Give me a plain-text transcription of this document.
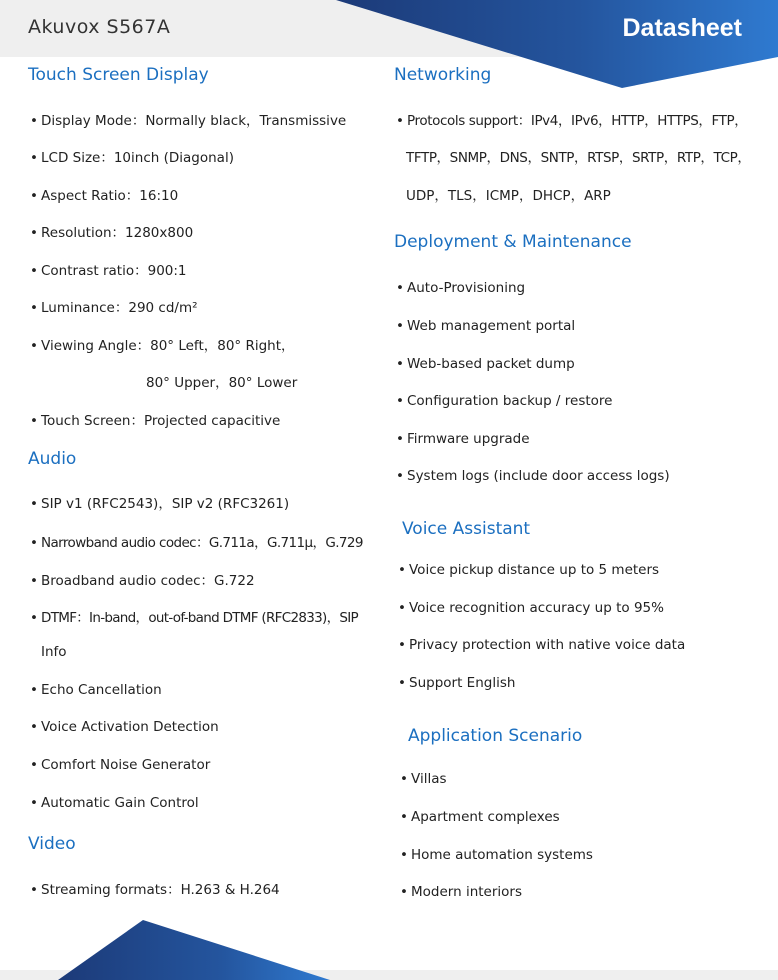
Akuvox S567A	Datasheet
Touch Screen Display
• Display Mode：Normally black，Transmissive
• LCD Size：10inch (Diagonal)
• Aspect Ratio：16:10
• Resolution：1280x800
• Contrast ratio：900:1
• Luminance：290 cd/m²
• Viewing Angle：80° Left，80° Right，
80° Upper，80° Lower
• Touch Screen：Projected capacitive
Audio
• SIP v1 (RFC2543)，SIP v2 (RFC3261)
• Narrowband audio codec：G.711a，G.711μ，G.729
• Broadband audio codec：G.722
• DTMF：In-band，out-of-band DTMF (RFC2833)，SIP
Info
• Echo Cancellation
• Voice Activation Detection
• Comfort Noise Generator
• Automatic Gain Control
Video
• Streaming formats：H.263 & H.264
Networking
• Protocols support：IPv4，IPv6，HTTP，HTTPS，FTP，
TFTP，SNMP，DNS，SNTP，RTSP，SRTP，RTP，TCP，
UDP，TLS，ICMP，DHCP，ARP
Deployment & Maintenance
• Auto-Provisioning
• Web management portal
• Web-based packet dump
• Configuration backup / restore
• Firmware upgrade
• System logs (include door access logs)
Voice Assistant
• Voice pickup distance up to 5 meters
• Voice recognition accuracy up to 95%
• Privacy protection with native voice data
• Support English
Application Scenario
• Villas
• Apartment complexes
• Home automation systems
• Modern interiors
